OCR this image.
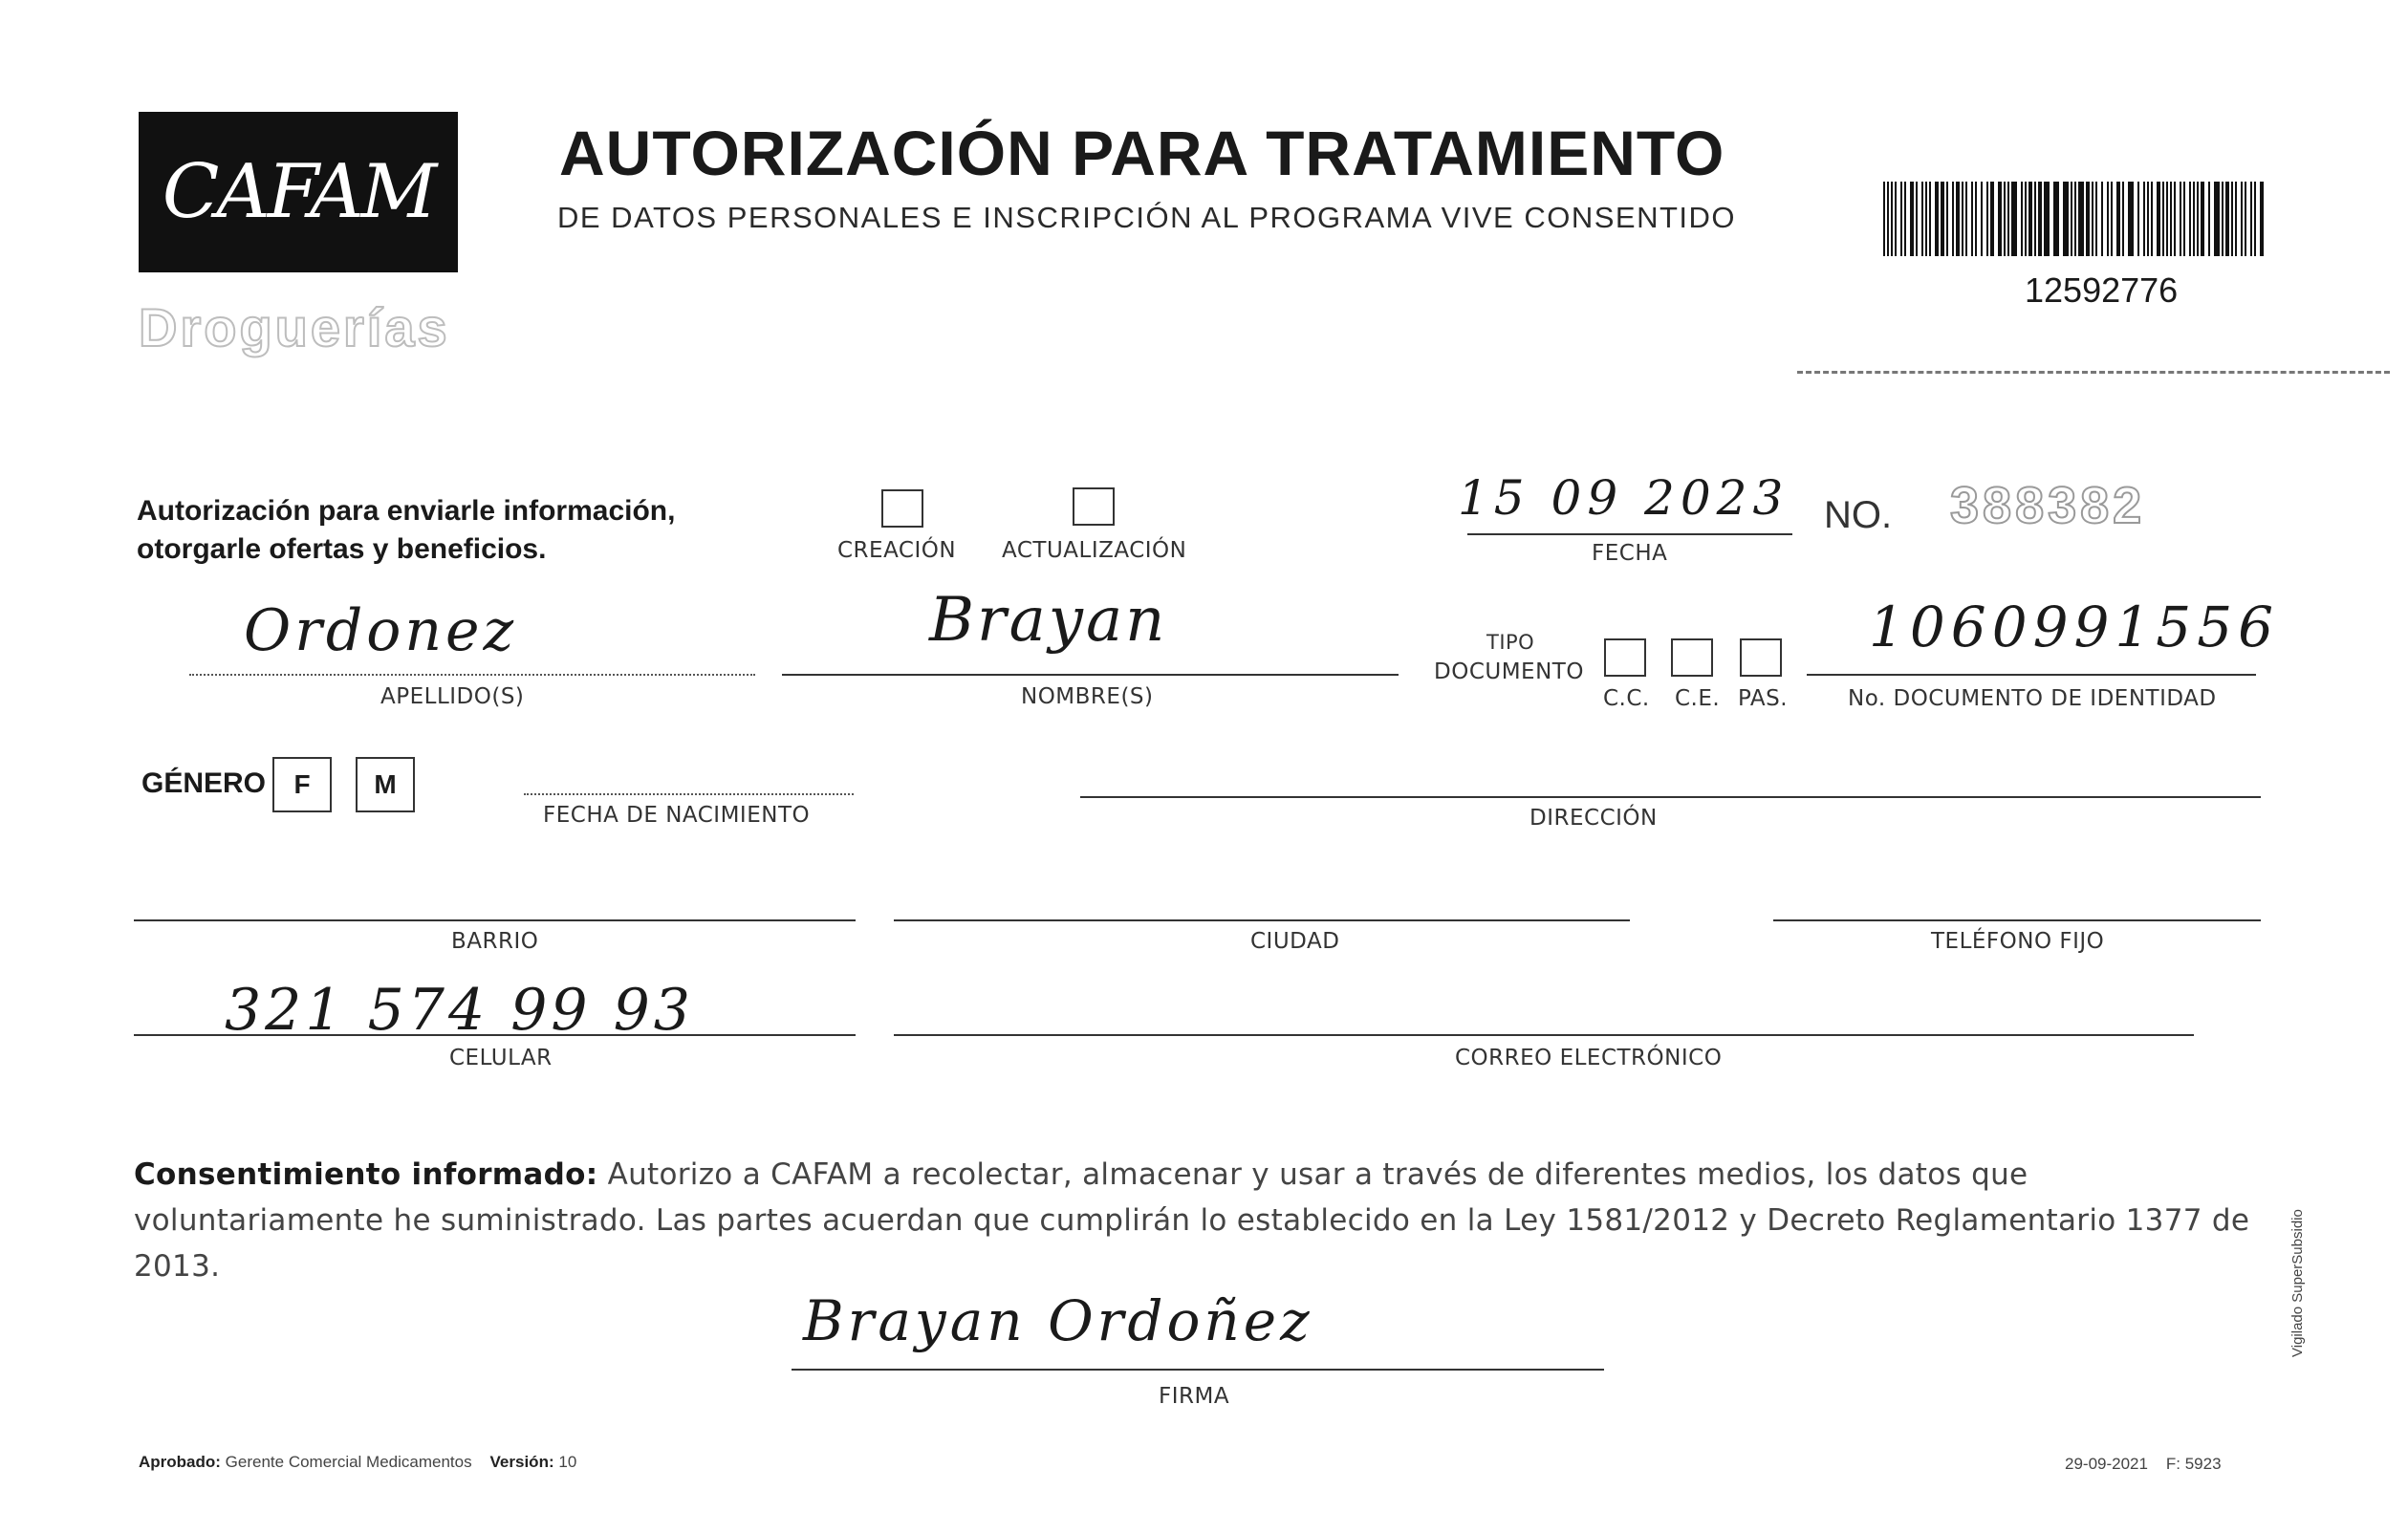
CAFAM
Droguerías
AUTORIZACIÓN PARA TRATAMIENTO
DE DATOS PERSONALES E INSCRIPCIÓN AL PROGRAMA VIVE CONSENTIDO
12592776
Autorización para enviarle información, otorgarle ofertas y beneficios.	CREACIÓN ACTUALIZACIÓN
15 09 2023
FECHA
NO. 388382
Ordonez
APELLIDO(S)
Brayan
NOMBRE(S)
TIPO
DOCUMENTO
C.C. C.E. PAS.
1060991556
No. DOCUMENTO DE IDENTIDAD
GÉNERO	F	M
FECHA DE NACIMIENTO	DIRECCIÓN
BARRIO	CIUDAD	TELÉFONO FIJO
321 574 99 93
CELULAR	CORREO ELECTRÓNICO
Consentimiento informado: Autorizo a CAFAM a recolectar, almacenar y usar a través de diferentes medios, los datos que voluntariamente he suministrado. Las partes acuerdan que cumplirán lo establecido en la Ley 1581/2012 y Decreto Reglamentario 1377 de 2013.
Brayan Ordoñez
FIRMA
Aprobado: Gerente Comercial Medicamentos Versión: 10	29-09-2021 F: 5923
Vigilado SuperSubsidio
